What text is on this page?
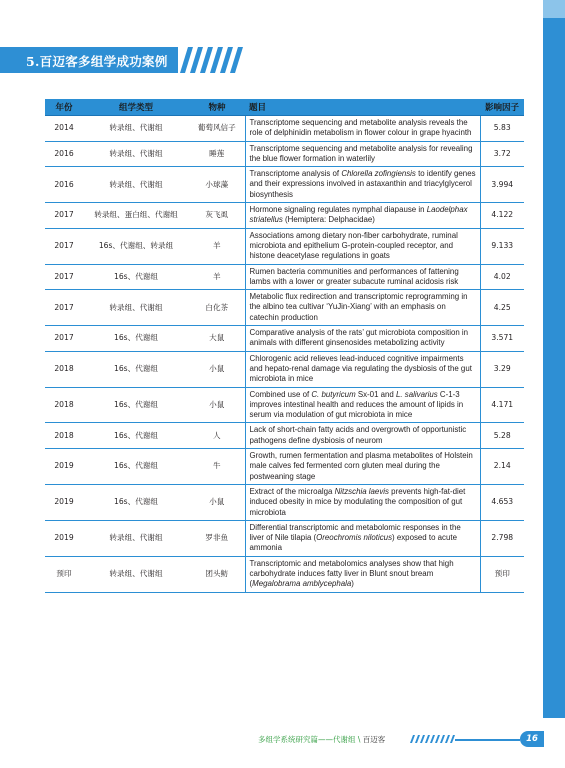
5.百迈客多组学成功案例
年份	组学类型	物种	题目	影响因子
2014	转录组、代谢组	葡萄风信子	Transcriptome sequencing and metabolite analysis reveals the role of delphinidin metabolism in flower colour in grape hyacinth	5.83
2016	转录组、代谢组	睡莲	Transcriptome sequencing and metabolite analysis for revealing the blue flower formation in waterlily	3.72
2016	转录组、代谢组	小球藻	Transcriptome analysis of Chlorella zofingiensis to identify genes and their expressions involved in astaxanthin and triacylglycerol biosynthesis	3.994
2017	转录组、蛋白组、代谢组	灰飞虱	Hormone signaling regulates nymphal diapause in Laodelphax striatellus (Hemiptera: Delphacidae)	4.122
2017	16s、代谢组、转录组	羊	Associations among dietary non-fiber carbohydrate, ruminal microbiota and epithelium G-protein-coupled receptor, and histone deacetylase regulations in goats	9.133
2017	16s、代谢组	羊	Rumen bacteria communities and performances of fattening lambs with a lower or greater subacute ruminal acidosis risk	4.02
2017	转录组、代谢组	白化茶	Metabolic flux redirection and transcriptomic reprogramming in the albino tea cultivar ‘YuJin-Xiang’ with an emphasis on catechin production	4.25
2017	16s、代谢组	大鼠	Comparative analysis of the rats’ gut microbiota composition in animals with different ginsenosides metabolizing activity	3.571
2018	16s、代谢组	小鼠	Chlorogenic acid relieves lead-induced cognitive impairments and hepato-renal damage via regulating the dysbiosis of the gut microbiota in mice	3.29
2018	16s、代谢组	小鼠	Combined use of C. butyricum Sx-01 and L. salivarius C-1-3 improves intestinal health and reduces the amount of lipids in serum via modulation of gut microbiota in mice	4.171
2018	16s、代谢组	人	Lack of short-chain fatty acids and overgrowth of opportunistic pathogens define dysbiosis of neurom	5.28
2019	16s、代谢组	牛	Growth, rumen fermentation and plasma metabolites of Holstein male calves fed fermented corn gluten meal during the postweaning stage	2.14
2019	16s、代谢组	小鼠	Extract of the microalga Nitzschia laevis prevents high-fat-diet induced obesity in mice by modulating the composition of gut microbiota	4.653
2019	转录组、代谢组	罗非鱼	Differential transcriptomic and metabolomic responses in the liver of Nile tilapia (Oreochromis niloticus) exposed to acute ammonia	2.798
预印	转录组、代谢组	团头鲂	Transcriptomic and metabolomics analyses show that high carbohydrate induces fatty liver in Blunt snout bream (Megalobrama amblycephala)	预印
多组学系统研究篇——代谢组 \ 百迈客	16
